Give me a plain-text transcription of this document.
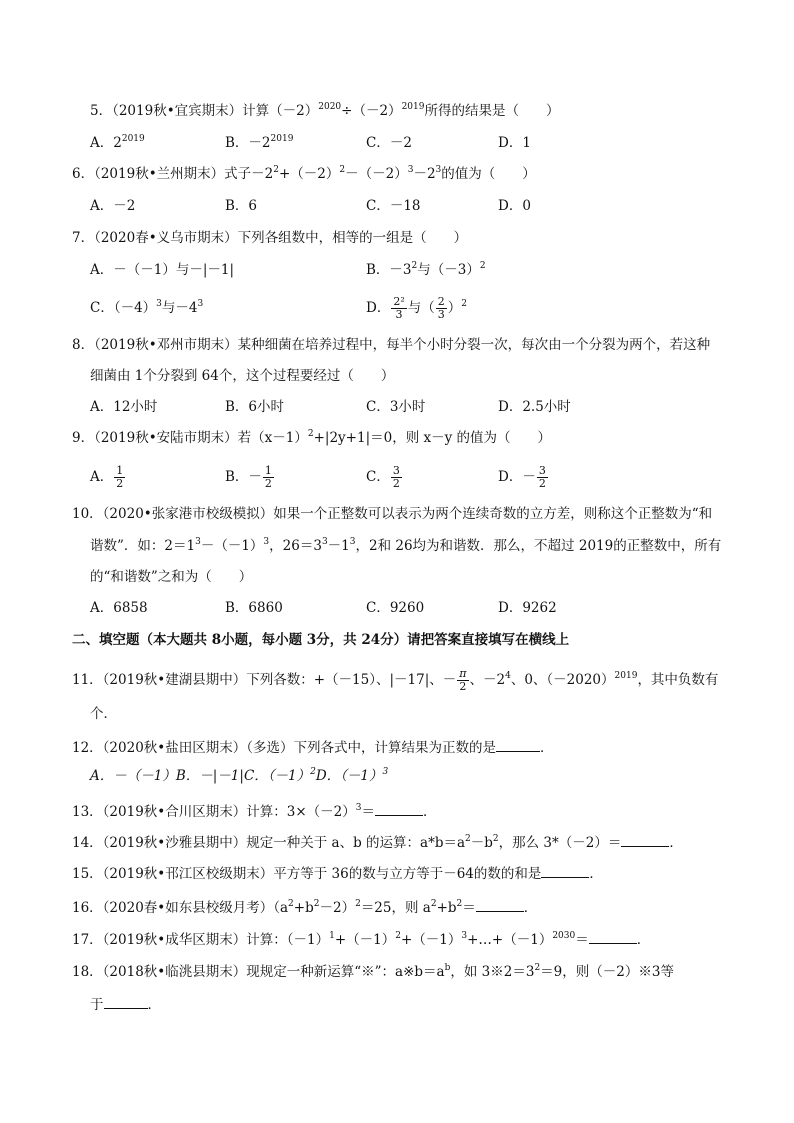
5．（2019秋•宜宾期末）计算$(-2)^{2020}\div(-2)^{2019}$所得的结果是（　　）
A．$2^{2019}$	B．$-2^{2019}$	C．－2	D．1
6．（2019秋•兰州期末）式子$-2^2+(-2)^2-(-2)^3-2^3$的值为（　　）
A．－2	B．6	C．－18	D．0
7．（2020春•义乌市期末）下列各组数中，相等的一组是（　　）
A．－（－1）与－|－1|	B．$-3^2$与$(-3)^2$
C．$(-4)^3$与$-4^3$	D． $\frac{\text{2²}}{3}$ 与（ $\frac{2}{3} )^2$
8．（2019秋•邓州市期末）某种细菌在培养过程中，每半个小时分裂一次，每次由一个分裂为两个，若这种
细菌由 1个分裂到 64个，这个过程要经过（　　）
A．12小时	B．6小时	C．3小时	D．2.5小时
9．（2019秋•安陆市期末）若$(x-1)^2+|2y+1|=0$，则 x－y 的值为（　　）
A． $\frac{1}{2}$	B．－ $\frac{1}{2}$	C． $\frac{3}{2}$	D．－ $\frac{3}{2}$
10．（2020•张家港市校级模拟）如果一个正整数可以表示为两个连续奇数的立方差，则称这个正整数为“和
谐数”．如：$2=1^3-(-1)^3$，$26=3^3-1^3$，2和 26均为和谐数．那么，不超过 2019的正整数中，所有
的“和谐数”之和为（　　）
A．6858	B．6860	C．9260	D．9262
二、填空题（本大题共 8小题，每小题 3分，共 24分）请把答案直接填写在横线上
11．（2019秋•建湖县期中）下列各数：+（－15）、|－17|、－ $\frac{\pi}{2}$ 、$-2^4$、0、$(-2020)^{2019}$，其中负数有
个．
12．（2020秋•盐田区期末）（多选）下列各式中，计算结果为正数的是	．
A．－（－1）B．－|－1|C．$(-1)^2D$．$(-1)^3$
13．（2019秋•合川区期末）计算：$3\times(-2)^3=$	．
14．（2019秋•沙雅县期中）规定一种关于 a、b 的运算：$a*b=a^2-b^2$，那么 3*（－2）＝	．
15．（2019秋•邗江区校级期末）平方等于 36的数与立方等于－64的数的和是	．
16．（2020春•如东县校级月考）$(a^2+b^2-2)^2=25$，则 $a^2+b^2=$	．
17．（2019秋•成华区期末）计算：$(-1)^1+(-1)^2+(-1)^3+\dots+(-1)^{2030}=$	．
18．（2018秋•临洮县期末）现规定一种新运算“※”：$a※b=a^b$，如 $3※2=3^2=9$，则（－2）※3等
于	．
